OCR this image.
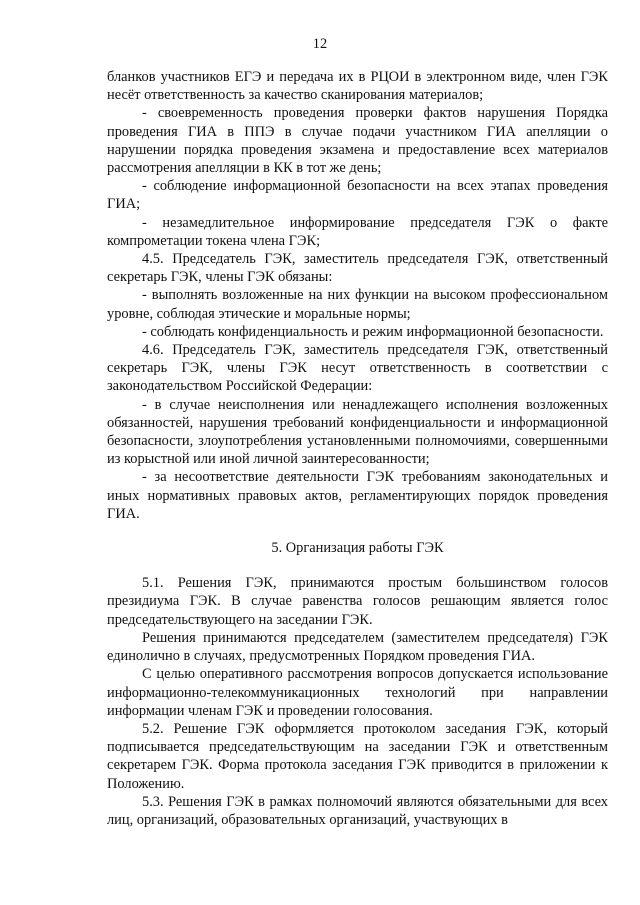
12

бланков участников ЕГЭ и передача их в РЦОИ в электронном виде, член ГЭК несёт ответственность за качество сканирования материалов;

- своевременность проведения проверки фактов нарушения Порядка проведения ГИА в ППЭ в случае подачи участником ГИА апелляции о нарушении порядка проведения экзамена и предоставление всех материалов рассмотрения апелляции в КК в тот же день;

- соблюдение информационной безопасности на всех этапах проведения ГИА;

- незамедлительное информирование председателя ГЭК о факте компрометации токена члена ГЭК;

4.5. Председатель ГЭК, заместитель председателя ГЭК, ответственный секретарь ГЭК, члены ГЭК обязаны:

- выполнять возложенные на них функции на высоком профессиональном уровне, соблюдая этические и моральные нормы;

- соблюдать конфиденциальность и режим информационной безопасности.

4.6. Председатель ГЭК, заместитель председателя ГЭК, ответственный секретарь ГЭК, члены ГЭК несут ответственность в соответствии с законодательством Российской Федерации:

- в случае неисполнения или ненадлежащего исполнения возложенных обязанностей, нарушения требований конфиденциальности и информационной безопасности, злоупотребления установленными полномочиями, совершенными из корыстной или иной личной заинтересованности;

- за несоответствие деятельности ГЭК требованиям законодательных и иных нормативных правовых актов, регламентирующих порядок проведения ГИА.

5. Организация работы ГЭК

5.1. Решения ГЭК, принимаются простым большинством голосов президиума ГЭК. В случае равенства голосов решающим является голос председательствующего на заседании ГЭК.

Решения принимаются председателем (заместителем председателя) ГЭК единолично в случаях, предусмотренных Порядком проведения ГИА.

С целью оперативного рассмотрения вопросов допускается использование информационно-телекоммуникационных технологий при направлении информации членам ГЭК и проведении голосования.

5.2. Решение ГЭК оформляется протоколом заседания ГЭК, который подписывается председательствующим на заседании ГЭК и ответственным секретарем ГЭК. Форма протокола заседания ГЭК приводится в приложении к Положению.

5.3. Решения ГЭК в рамках полномочий являются обязательными для всех лиц, организаций, образовательных организаций, участвующих в
